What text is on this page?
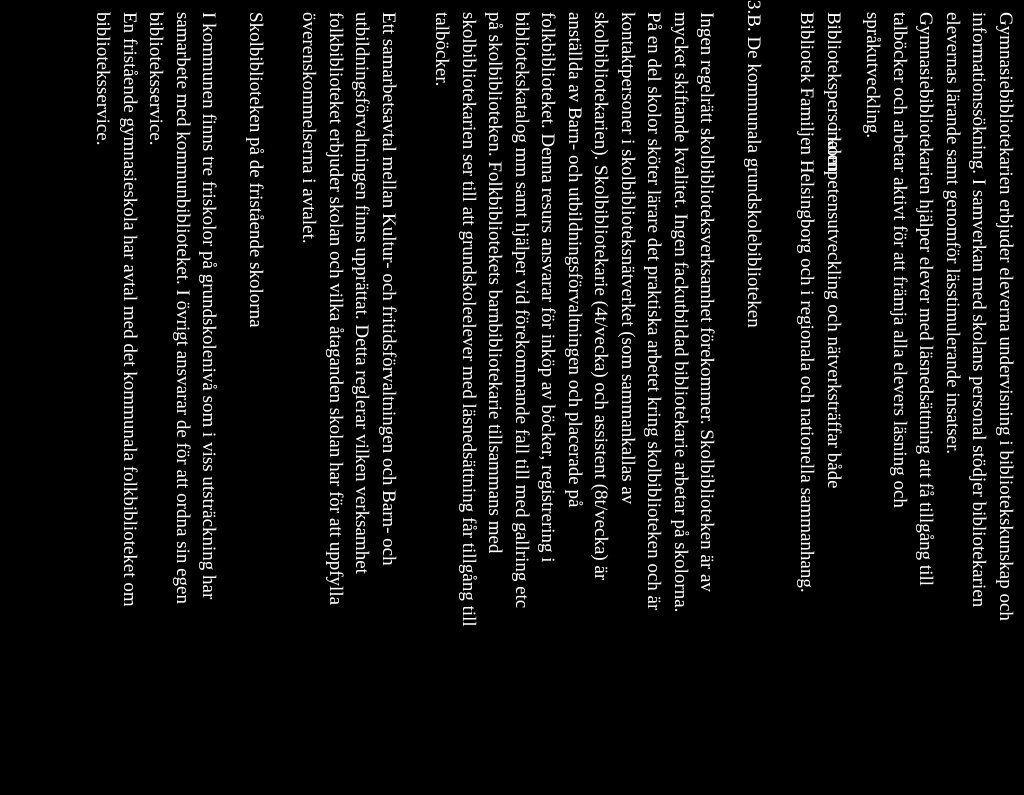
Gymnasiebibliotekarien erbjuder eleverna undervisning i bibliotekskunskap och

informationssökning. I samverkan med skolans personal stödjer bibliotekarien

elevernas lärande samt genomför lässtimulerande insatser.

Gymnasiebibliotekarien hjälper elever med läsnedsättning att få tillgång till

talböcker och arbetar aktivt för att främja alla elevers läsning och

språkutveckling.

Bibliotekspersonaleni kompetensutveckling och nätverksträffar både

Bibliotek Familjen Helsingborg och i regionala och nationella sammanhang.

3.B. De kommunala grundskolebiblioteken

Ingen regelrätt skolbiblioteksverksamhet förekommer. Skolbiblioteken är av

mycket skiftande kvalitet. Ingen fackutbildad bibliotekarie arbetar på skolorna.

På en del skolor sköter lärare det praktiska arbetet kring skolbiblioteken och är

kontaktpersoner i skolbiblioteksnätverket (som sammankallas av

skolbibliotekarien). Skolbibliotekarie (4t/vecka) och assistent (8t/vecka) är

anställda av Barn- och utbildningsförvaltningen och placerade på

folkbiblioteket. Denna resurs ansvarar för inköp av böcker, registrering i

bibliotekskatalog mm samt hjälper vid förekommande fall till med gallring etc

på skolbiblioteken. Folkbibliotekets barnbibliotekarie tillsammans med

skolbibliotekarien ser till att grundskoleelever med läsnedsättning får tillgång till

talböcker.

Ett samarbetsavtal mellan Kultur- och fritidsförvaltningen och Barn- och

utbildningsförvaltningen finns upprättat. Detta reglerar vilken verksamhet

folkbiblioteket erbjuder skolan och vilka åtaganden skolan har för att uppfylla

överenskommelserna i avtalet.

Skolbiblioteken på de fristående skolorna

I kommunen finns tre friskolor på grundskolenivå som i viss utsträckning har

samarbete med kommunbiblioteket. I övrigt ansvarar de för att ordna sin egen

biblioteksservice.

En fristående gymnasieskola har avtal med det kommunala folkbiblioteket om

biblioteksservice.
